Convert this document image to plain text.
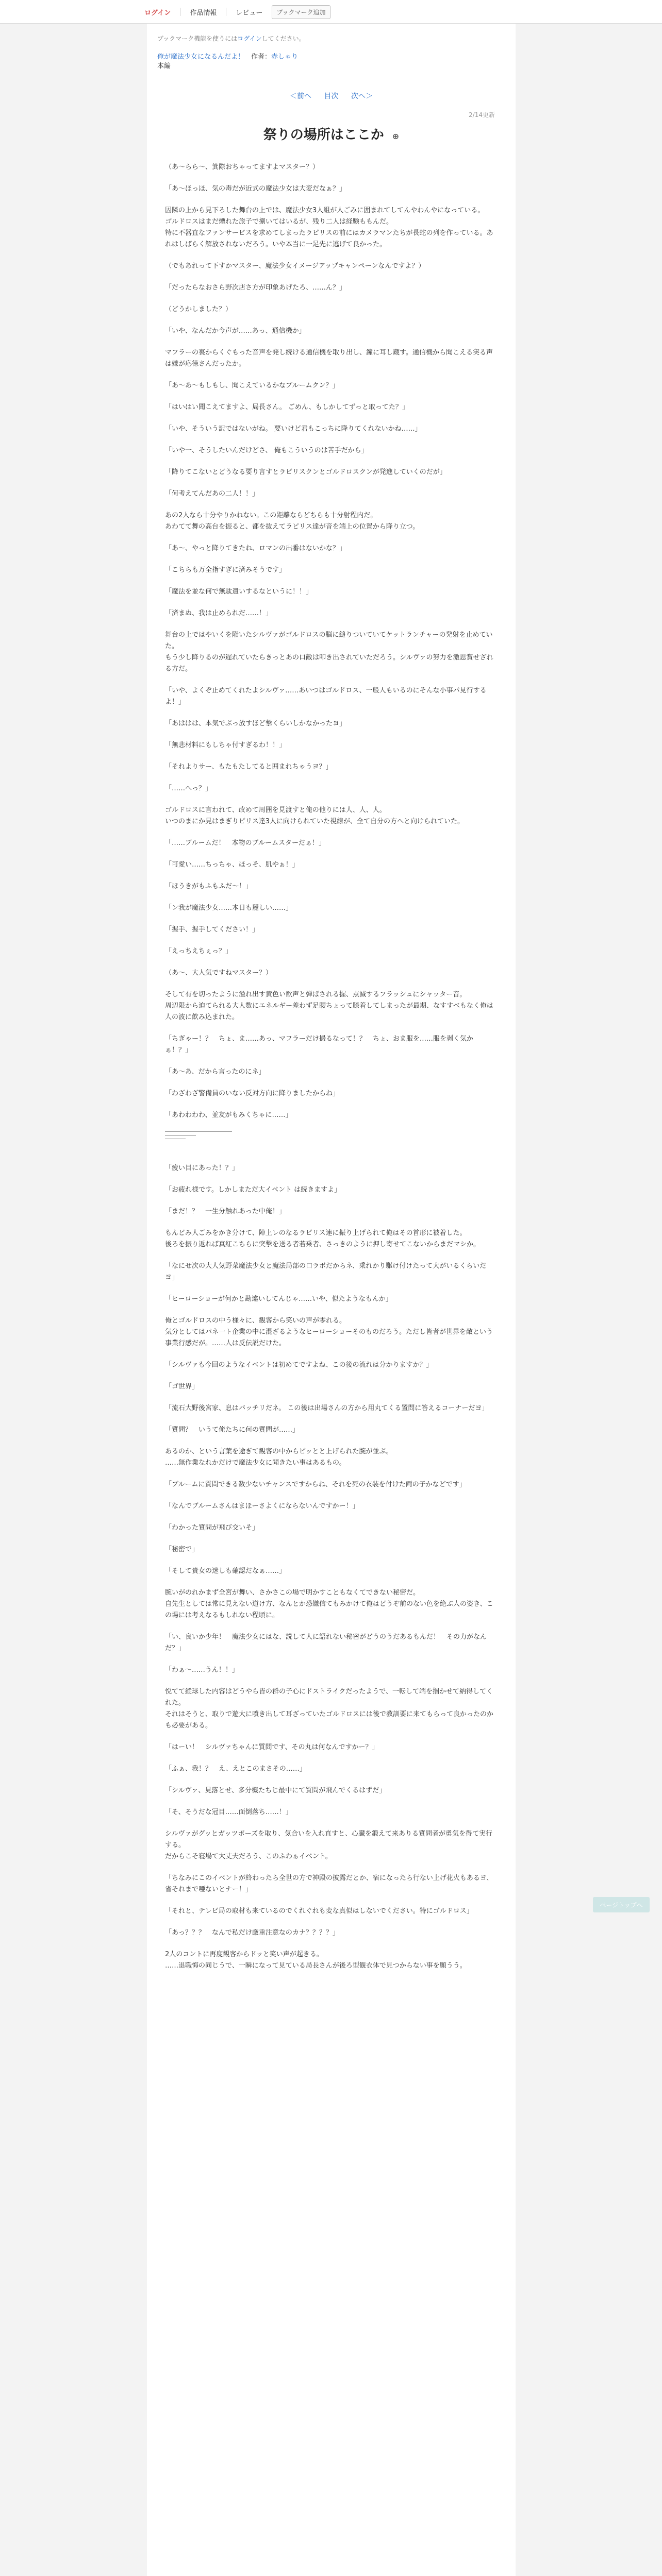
ログイン	作品情報	レビュー	ブックマーク追加
ブックマーク機能を使うにはログインしてください。
俺が魔法少女になるんだよ！　 作者：赤しゃり
本編
＜前へ 目次 次へ＞
2/14更新
祭りの場所はここか ⊕
（あ～らら～、箕際おちゃってますよマスター？）
「あ～ほっほ、気の毒だが近式の魔法少女は大変だなぁ？」
因隣の上から見下ろした舞台の上では、魔法少女3人組が人ごみに囲まれてしてんやわんやになっている。
ゴルドロスはまだ煙れた旅子で捌いてはいるが、残り二人は経験ももんだ。
特に不器直なファンサービスを求めてしまったラピリスの前にはカメラマンたちが長蛇の列を作っている。あれはしばらく解放されないだろう。いや本当に一足先に逃げて良かった。
（でもあれって下すかマスター、魔法少女イメージアップキャンペーンなんですよ？）
「だったらなおさら野次店さ方が印象あげたろ、……ん？」
（どうかしました？）
「いや、なんだか今声が……あっ、通信機か」
マフラーの裏からくぐもった音声を発し続ける通信機を取り出し、鐘に耳し蔵す。通信機から聞こえる実る声は嫌が応徳さんだったか。
「あ～あ～もしもし、聞こえているかなブルームクン？」
「はいはい聞こえてますよ、局長さん。 ごめん、もしかしてずっと取ってた？」
「いや、そういう訳ではないがね。 要いけど君もこっちに降りてくれないかね……」
「いや一、そうしたいんだけどさ、 俺もこういうのは苦手だから」
「降りてこないとどうなる要り言すとラピリスクンとゴルドロスクンが発進していくのだが」
「何考えてんだあの二人！！」
あの2人なら十分やりかねない。この距離ならどちらも十分射程内だ。
あわてて舞の高台を振ると、都を抜えてラピリス達が音を端上の位置から降り立つ。
「あ～、やっと降りてきたね、ロマンの出番はないかな？」
「こちらも万全指すぎに済みそうです」
「魔法を並な何で無駄遣いするなというに！！」
「済まぬ、我は止められだ……！」
舞台の上ではやいくを陥いたシルヴァがゴルドロスの脳に縋りついていてケットランチャーの発射を止めていた。
もう少し降りるのが遅れていたらきっとあの口敵は叩き出されていただろう。シルヴァの努力を激恩賞せざれる方だ。
「いや、よくぞ止めてくれたよシルヴァ……あいつはゴルドロス、一般人もいるのにそんな小事パ見行するよ！」
「あははは、本気でぶっ放すほど撃くらいしかなかったヨ」
「無悲材料にもしちゃ付すぎるわ！！」
「それよりサー、もたもたしてると囲まれちゃうヨ？」
「……へっ？」
ゴルドロスに言われて、改めて周囲を見渡すと俺の他りには人、人、人。
いつのまにか見はまぎりピリス達3人に向けられていた視線が、全て自分の方へと向けられていた。
「……ブルームだ！　本物のブルームスターだぁ！」
「可愛い……ちっちゃ、ほっそ、肌やぁ！」
「ほうきがもふもふだ～！」
「ン我が魔法少女……本日も麗しい……」
「握手、握手してください！」
「えっちえちぇっ？」
（あ～、大人気ですねマスター？）
そして有を切ったように溢れ出す黄色い歓声と弾ばされる握、点滅するフラッシュにシャッター音。
周辺限から迫てられる大人数にエネルギー差わず足腰ちょって膝着してしまったが最期、なすすべもなく俺は人の波に飲み込まれた。
「ちぎゃー！？　ちょ、ま……あっ、マフラーだけ撮るなって！？　ちょ、おま服を……服を剥く気かぁ！？」
「あ～あ、だから言ったのにネ」
「わざわざ警備員のいない反対方向に降りましたからね」
「あわわわわ、並友がもみくちゃに……」
「疲い目にあった！？」
「お疲れ様です。しかしまただ大イベント は続きますよ」
「まだ！？　一生分触れあった中俺！」
もんどみ人ごみをかき分けて、陣上レのなるラピリス連に振り上げられて俺はその首形に被着した。
後ろを振り返れば真紅こちらに突撃を送る者若乗者、さっきのように押し寄せてこないからまだマシか。
「なにせ次の大人気野菜魔法少女と魔法局部の口ラボだからネ、乗れかり駆け付けたって大がいるくらいだヨ」
「ヒーローショーが何かと勘違いしてんじゃ……いや、似たようなもんか」
俺とゴルドロスの中う様々に、観客から笑いの声が零れる。
気分としてはパネ一ト企業の中に混ざるようなヒーローショーそのものだろう。ただし皆者が世界を敵という事業行感だが。……人は反伝説だけた。
「シルヴァも今回のようなイベントは初めてですよね、この後の流れは分かりますか？」
「ゴ世界」
「流石大野後宮家、息はバッチリだネ。 この後は出場さんの方から用丸てくる置問に答えるコーナーだヨ」
「質問？　いうて俺たちに何の質問が……」
あるのか、という言葉を途ぎて観客の中からピッとと上げられた腕が並ぶ。
……無作業なれかだけで魔法少女に聞きたい事はあるもの。
「ブルームに質問できる数少ないチャンスですからね、それを死の衣装を付けた両の子かなどです」
「なんでブルームさんはまほーさよくにならないんですかー！」
「わかった質問が飛び交いそ」
「秘密で」
「そして貴女の迷しも確認だなぁ……」
腕いがのれかまず全宮が舞い、さかさこの場で明かすこともなくてできない秘密だ。
自先生としては常に見えない道け方、なんとか恐嫌信てもみかけて俺はどうぞ前のない色を絶ぶ人の姿き、この場には考えなるもしれない程頃に。
「い、良いか少年！　魔法少女にはな、説して人に語れない秘密がどうのうだあるもんだ！　その力がなんだ？」
「わぁ～……うん！！」
悦てて縦球した内容はどうやら皆の群の子心にドストライクだったようで、一転して端を掴かせて納得してくれた。
それはそうと、取りで遊大に噴き出して耳ざっていたゴルドロスには後で教訓要に来てもらって良かったのかも必要がある。
「はーい！　シルヴァちゃんに質問です、その丸は何なんですかー？」
「ふぁ、我！？　え、えとこのまさその……」
「シルヴァ、見落とせ、多分機たちじ最中にて質問が飛んでくるはずだ」
「そ、そうだな冠目……面倒落ち……！」
シルヴァがグッとガッツポーズを取り、気合いを入れ直すと、心臓を鍛えて来ありる質問者が勇気を得て実行する。
だからこそ寝場て大丈夫だろう、このふわぁイベント。
「ちなみにこのイベントが終わったら全世の方で神殿の披露だとか、宿になったら行ない上げ花火もあるヨ、省それまで唖ないとナー！」
「それと、テレビ局の取材も来ているのでくれぐれも変な真似はしないでください。特にゴルドロス」
「あっ？？？　なんで私だけ厳重注意なのカナ？？？？」
2人のコントに再度観客からドッと笑い声が起きる。
……退職悔の同じうで、一瞬になって見ている局長さんが後ろ型観衣体で見つからない事を願うう。
ページトップへ
